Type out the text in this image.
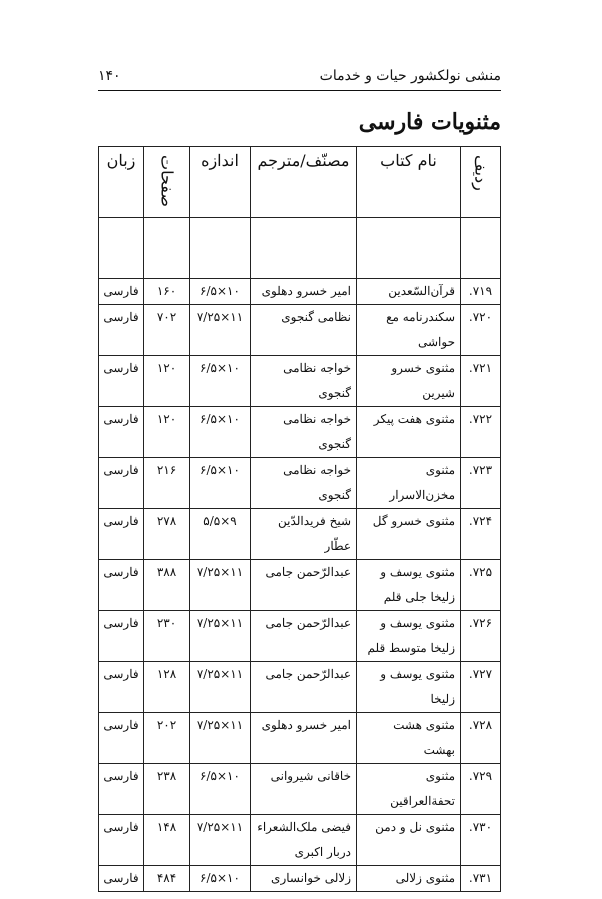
منشی نولکشور حیات و خدمات
۱۴۰
مثنویات فارسی
ردیف	نام کتاب	مصنّف/مترجم	اندازه	صفحات	زبان

۷۱۹.	قرآن‌السّعدین	امیر خسرو دهلوی	۱۰×۶/۵	۱۶۰	فارسی
۷۲۰.	سکندرنامه مع حواشی	نظامی گنجوی	۱۱×۷/۲۵	۷۰۲	فارسی
۷۲۱.	مثنوی خسرو شیرین	خواجه نظامی گنجوی	۱۰×۶/۵	۱۲۰	فارسی
۷۲۲.	مثنوی هفت پیکر	خواجه نظامی گنجوی	۱۰×۶/۵	۱۲۰	فارسی
۷۲۳.	مثنوی مخزن‌الاسرار	خواجه نظامی گنجوی	۱۰×۶/۵	۲۱۶	فارسی
۷۲۴.	مثنوی خسرو گل	شیخ فریدالدّین عطّار	۹×۵/۵	۲۷۸	فارسی
۷۲۵.	مثنوی یوسف و زلیخا جلی قلم	عبدالرّحمن جامی	۱۱×۷/۲۵	۳۸۸	فارسی
۷۲۶.	مثنوی یوسف و زلیخا متوسط قلم	عبدالرّحمن جامی	۱۱×۷/۲۵	۲۳۰	فارسی
۷۲۷.	مثنوی یوسف و زلیخا	عبدالرّحمن جامی	۱۱×۷/۲۵	۱۲۸	فارسی
۷۲۸.	مثنوی هشت بهشت	امیر خسرو دهلوی	۱۱×۷/۲۵	۲۰۲	فارسی
۷۲۹.	مثنوی تحفةالعراقین	خاقانی شیروانی	۱۰×۶/۵	۲۳۸	فارسی
۷۳۰.	مثنوی نل و دمن	فیضی ملک‌الشعراء دربار اکبری	۱۱×۷/۲۵	۱۴۸	فارسی
۷۳۱.	مثنوی زلالی	زلالی خوانساری	۱۰×۶/۵	۴۸۴	فارسی
